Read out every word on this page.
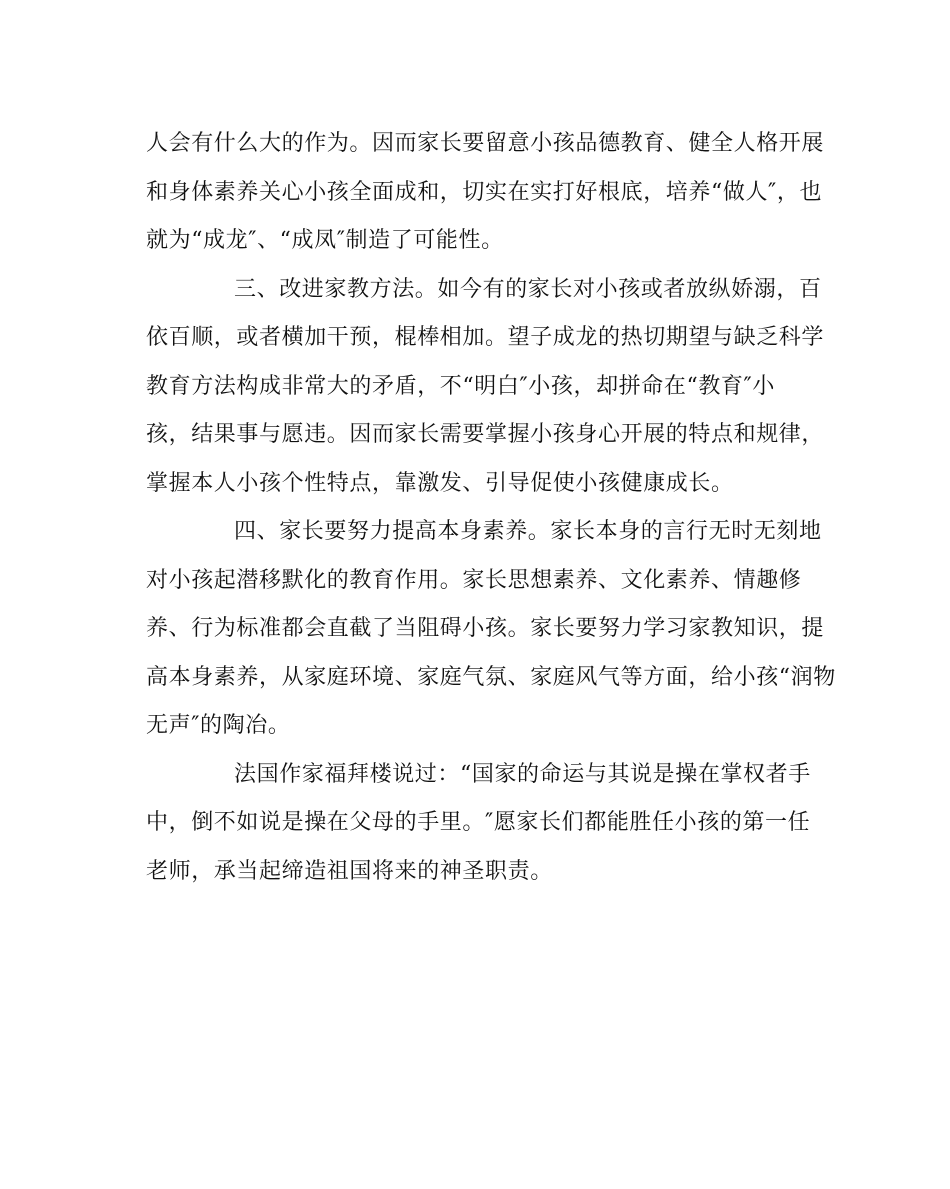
人会有什么大的作为。因而家长要留意小孩品德教育、健全人格开展
和身体素养关心小孩全面成和，切实在实打好根底，培养“做人″，也
就为“成龙″、“成凤″制造了可能性。
三、改进家教方法。如今有的家长对小孩或者放纵娇溺，百
依百顺，或者横加干预，棍棒相加。望子成龙的热切期望与缺乏科学
教育方法构成非常大的矛盾，不“明白″小孩，却拼命在“教育″小
孩，结果事与愿违。因而家长需要掌握小孩身心开展的特点和规律，
掌握本人小孩个性特点，靠激发、引导促使小孩健康成长。
四、家长要努力提高本身素养。家长本身的言行无时无刻地
对小孩起潜移默化的教育作用。家长思想素养、文化素养、情趣修
养、行为标准都会直截了当阻碍小孩。家长要努力学习家教知识，提
高本身素养，从家庭环境、家庭气氛、家庭风气等方面，给小孩“润物
无声″的陶冶。
法国作家福拜楼说过：“国家的命运与其说是操在掌权者手
中，倒不如说是操在父母的手里。″愿家长们都能胜任小孩的第一任
老师，承当起缔造祖国将来的神圣职责。
